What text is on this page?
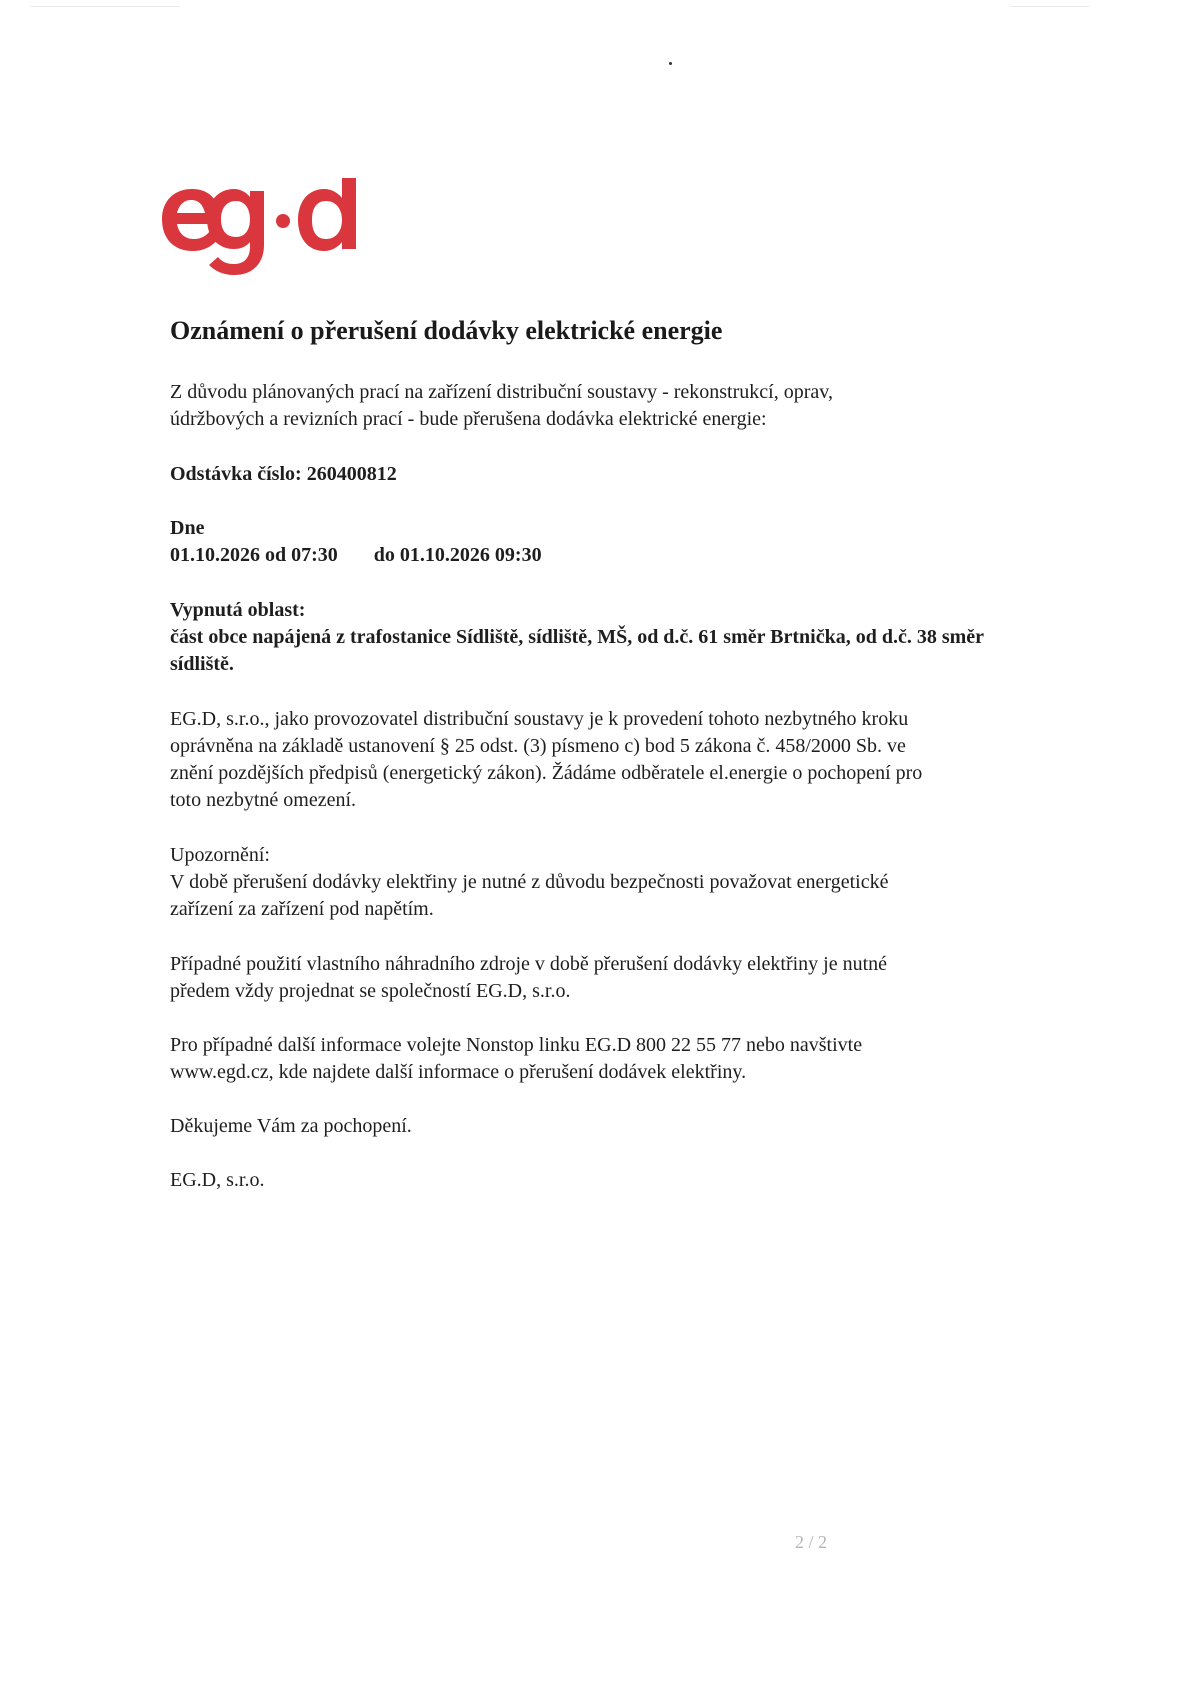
Oznámení o přerušení dodávky elektrické energie

Z důvodu plánovaných prací na zařízení distribuční soustavy - rekonstrukcí, oprav,

údržbových a revizních prací - bude přerušena dodávka elektrické energie:

Odstávka číslo: 260400812

Dne

01.10.2026 od 07:30 do 01.10.2026 09:30

Vypnutá oblast:

část obce napájená z trafostanice Sídliště, sídliště, MŠ, od d.č. 61 směr Brtnička, od d.č. 38 směr

sídliště.

EG.D, s.r.o., jako provozovatel distribuční soustavy je k provedení tohoto nezbytného kroku

oprávněna na základě ustanovení § 25 odst. (3) písmeno c) bod 5 zákona č. 458/2000 Sb. ve

znění pozdějších předpisů (energetický zákon). Žádáme odběratele el.energie o pochopení pro

toto nezbytné omezení.

Upozornění:

V době přerušení dodávky elektřiny je nutné z důvodu bezpečnosti považovat energetické

zařízení za zařízení pod napětím.

Případné použití vlastního náhradního zdroje v době přerušení dodávky elektřiny je nutné

předem vždy projednat se společností EG.D, s.r.o.

Pro případné další informace volejte Nonstop linku EG.D 800 22 55 77 nebo navštivte

www.egd.cz, kde najdete další informace o přerušení dodávek elektřiny.

Děkujeme Vám za pochopení.

EG.D, s.r.o.

2 / 2
